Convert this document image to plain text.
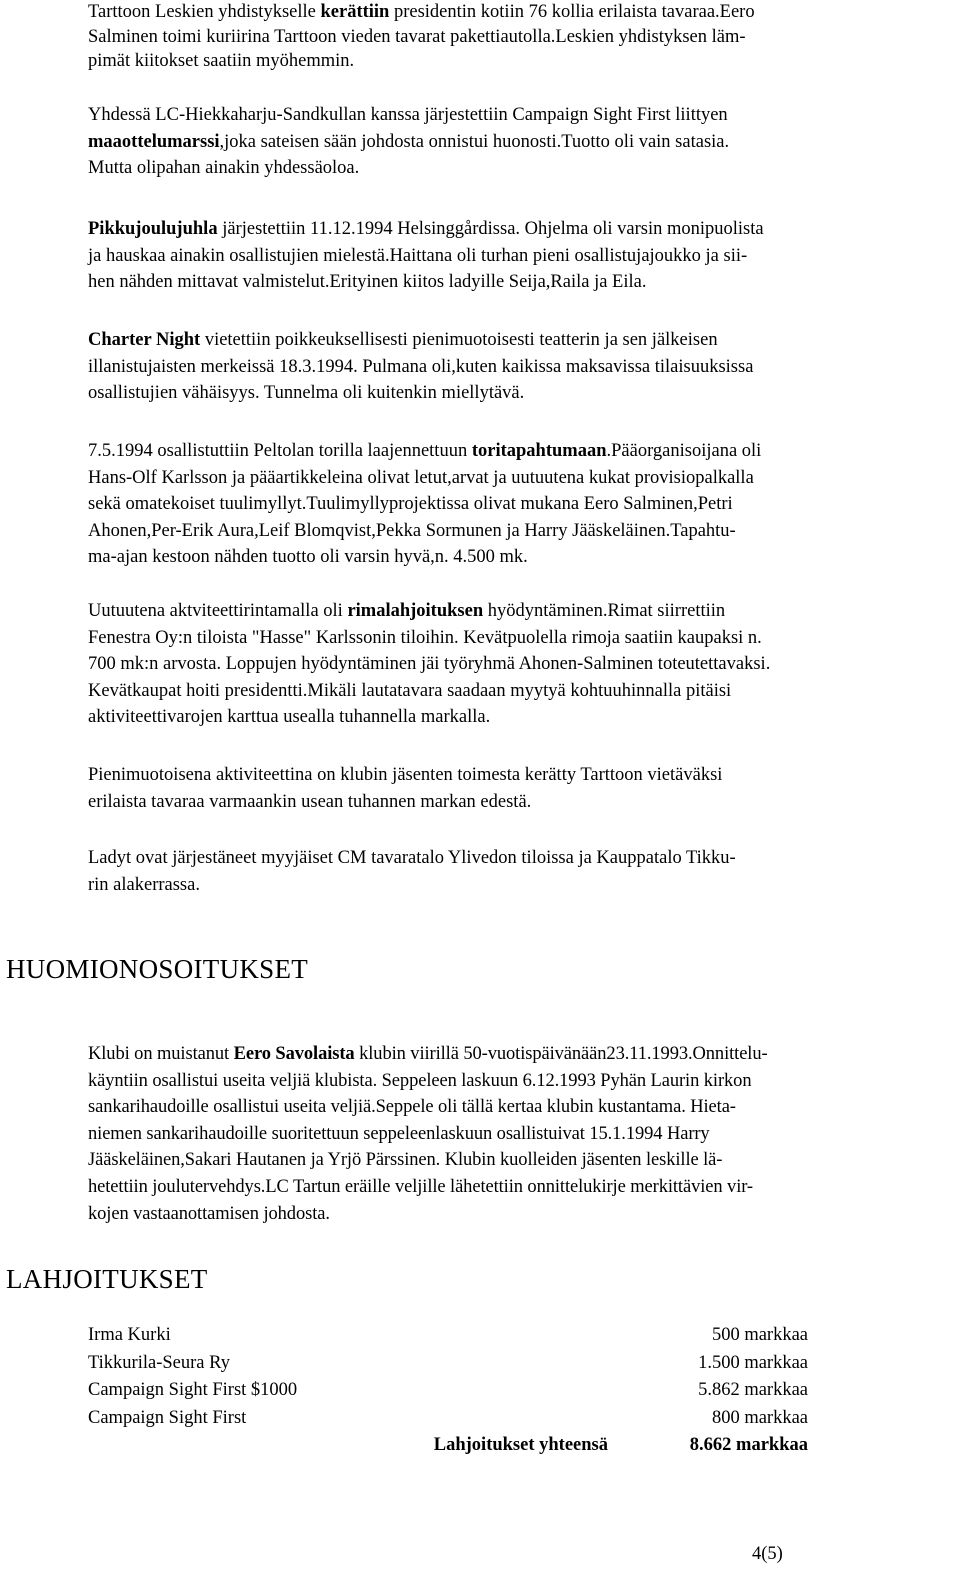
Tarttoon Leskien yhdistykselle kerättiin presidentin kotiin 76 kollia erilaista tavaraa.Eero
Salminen toimi kuriirina Tarttoon vieden tavarat pakettiautolla.Leskien yhdistyksen läm-
pimät kiitokset saatiin myöhemmin.
Yhdessä LC-Hiekkaharju-Sandkullan kanssa järjestettiin Campaign Sight First liittyen
maaottelumarssi,joka sateisen sään johdosta onnistui huonosti.Tuotto oli vain satasia.
Mutta olipahan ainakin yhdessäoloa.
Pikkujoulujuhla järjestettiin 11.12.1994 Helsinggårdissa. Ohjelma oli varsin monipuolista
ja hauskaa ainakin osallistujien mielestä.Haittana oli turhan pieni osallistujajoukko ja sii-
hen nähden mittavat valmistelut.Erityinen kiitos ladyille Seija,Raila ja Eila.
Charter Night vietettiin poikkeuksellisesti pienimuotoisesti teatterin ja sen jälkeisen
illanistujaisten merkeissä 18.3.1994. Pulmana oli,kuten kaikissa maksavissa tilaisuuksissa
osallistujien vähäisyys. Tunnelma oli kuitenkin miellytävä.
7.5.1994 osallistuttiin Peltolan torilla laajennettuun toritapahtumaan.Pääorganisoijana oli
Hans-Olf Karlsson ja pääartikkeleina olivat letut,arvat ja uutuutena kukat provisiopalkalla
sekä omatekoiset tuulimyllyt.Tuulimyllyprojektissa olivat mukana Eero Salminen,Petri
Ahonen,Per-Erik Aura,Leif Blomqvist,Pekka Sormunen ja Harry Jääskeläinen.Tapahtu-
ma-ajan kestoon nähden tuotto oli varsin hyvä,n. 4.500 mk.
Uutuutena aktviteettirintamalla oli rimalahjoituksen hyödyntäminen.Rimat siirrettiin
Fenestra Oy:n tiloista "Hasse" Karlssonin tiloihin. Kevätpuolella rimoja saatiin kaupaksi n.
700 mk:n arvosta. Loppujen hyödyntäminen jäi työryhmä Ahonen-Salminen toteutettavaksi.
Kevätkaupat hoiti presidentti.Mikäli lautatavara saadaan myytyä kohtuuhinnalla pitäisi
aktiviteettivarojen karttua usealla tuhannella markalla.
Pienimuotoisena aktiviteettina on klubin jäsenten toimesta kerätty Tarttoon vietäväksi
erilaista tavaraa varmaankin usean tuhannen markan edestä.
Ladyt ovat järjestäneet myyjäiset CM tavaratalo Ylivedon tiloissa ja Kauppatalo Tikku-
rin alakerrassa.
HUOMIONOSOITUKSET
Klubi on muistanut Eero Savolaista klubin viirillä 50-vuotispäivänään23.11.1993.Onnittelu-
käyntiin osallistui useita veljiä klubista. Seppeleen laskuun 6.12.1993 Pyhän Laurin kirkon
sankarihaudoille osallistui useita veljiä.Seppele oli tällä kertaa klubin kustantama. Hieta-
niemen sankarihaudoille suoritettuun seppeleenlaskuun osallistuivat 15.1.1994 Harry
Jääskeläinen,Sakari Hautanen ja Yrjö Pärssinen. Klubin kuolleiden jäsenten leskille lä-
hetettiin joulutervehdys.LC Tartun eräille veljille lähetettiin onnittelukirje merkittävien vir-
kojen vastaanottamisen johdosta.
LAHJOITUKSET
Irma Kurki	500 markkaa
Tikkurila-Seura Ry	1.500 markkaa
Campaign Sight First $1000	5.862 markkaa
Campaign Sight First	800 markkaa
Lahjoitukset yhteensä	8.662 markkaa
4(5)
